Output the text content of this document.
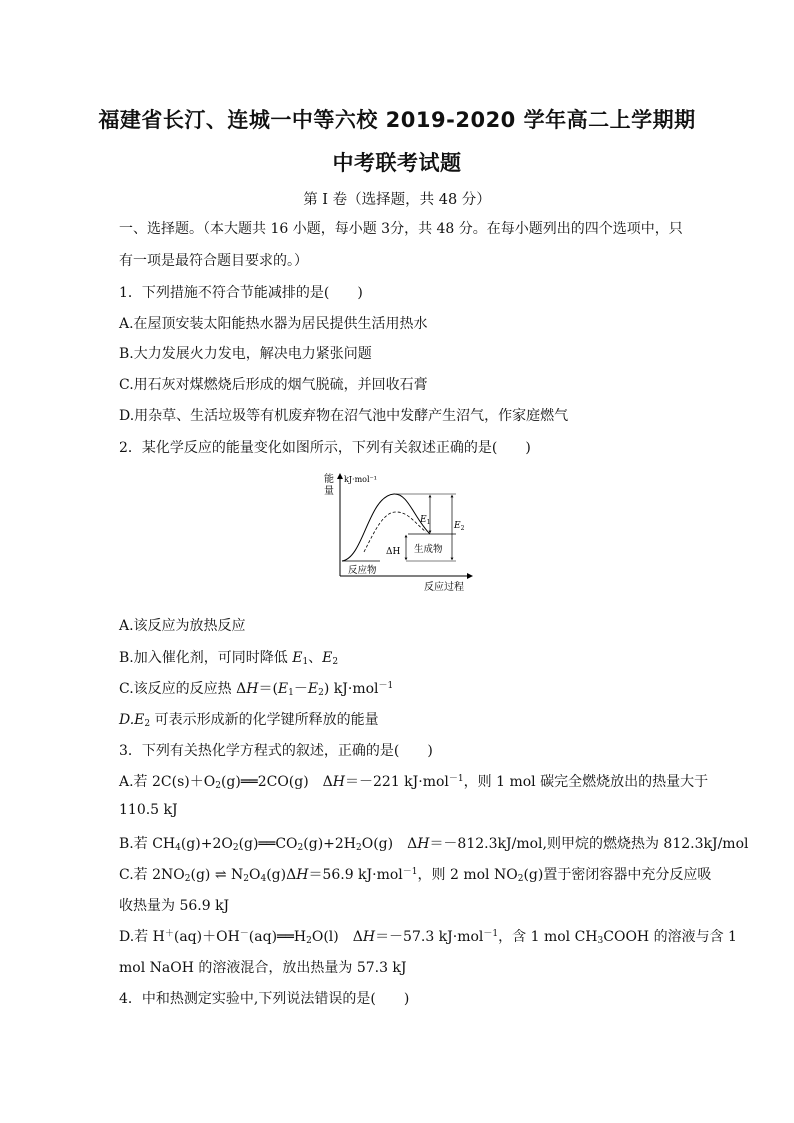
福建省长汀、连城一中等六校 2019-2020 学年高二上学期期
中考联考试题
第 I 卷（选择题，共 48 分）
一、选择题。（本大题共 16 小题，每小题 3分，共 48 分。在每小题列出的四个选项中，只
有一项是最符合题目要求的。）
1．下列措施不符合节能减排的是(　　)
A.在屋顶安装太阳能热水器为居民提供生活用热水
B.大力发展火力发电，解决电力紧张问题
C.用石灰对煤燃烧后形成的烟气脱硫，并回收石膏
D.用杂草、生活垃圾等有机废弃物在沼气池中发酵产生沼气，作家庭燃气
2．某化学反应的能量变化如图所示，下列有关叙述正确的是(　　)
能
量
kJ·mol⁻¹
反应过程
反应物
生成物
$E_1$	$E_2$
ΔH
A.该反应为放热反应
B.加入催化剂，可同时降低 $E_1$、$E_2$
C.该反应的反应热 $\Delta H=(E_1-E_2)$ kJ·mol$^{-1}$
$D.E_2$ 可表示形成新的化学键所释放的能量
3．下列有关热化学方程式的叙述，正确的是(　　)
A.若 $2C(s)+O_2(g)══2CO(g)$　ΔH＝－221 kJ·mol$^{-1}$，则 1 mol 碳完全燃烧放出的热量大于
110.5 kJ
B.若 $CH_4(g)+2O_2(g)══CO_2(g)+2H_2O(g)$　ΔH＝－812.3kJ/mol,则甲烷的燃烧热为 812.3kJ/mol
C.若 $2NO_2(g)$ ⇌ $N_2O_4(g)\Delta H=56.9$ kJ·mol$^{-1}$，则 2 mol $NO_2(g)$置于密闭容器中充分反应吸
收热量为 56.9 kJ
D.若 $H^+(aq)+OH^-(aq)══H_2O(l)$　ΔH＝－57.3 kJ·mol$^{-1}$，含 1 mol $CH_3COOH$ 的溶液与含 1
mol NaOH 的溶液混合，放出热量为 57.3 kJ
4．中和热测定实验中,下列说法错误的是(　　)
